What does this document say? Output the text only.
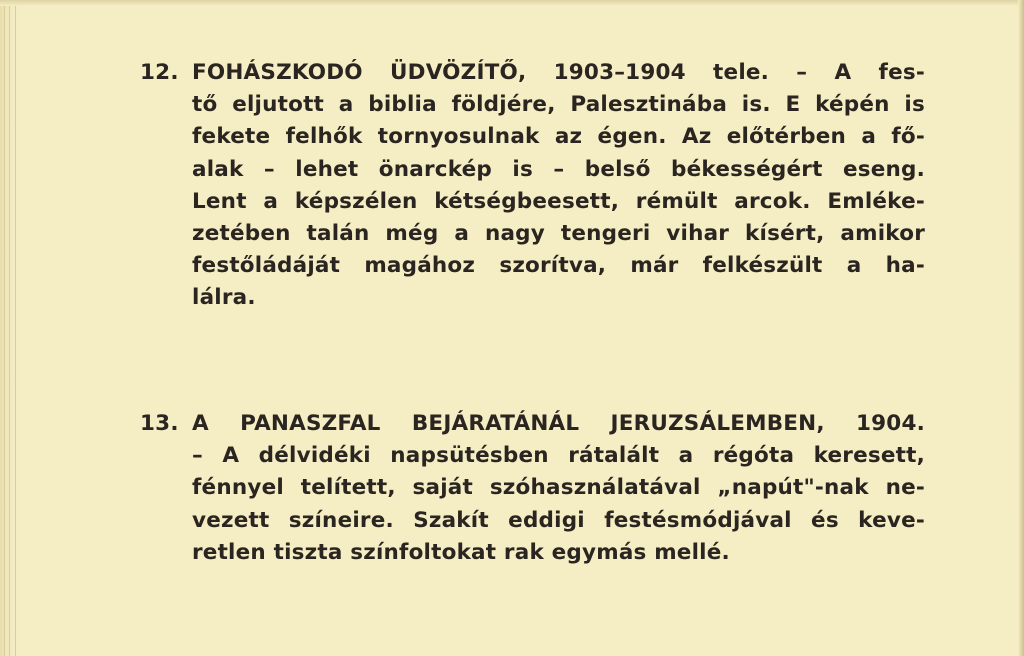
12. FOHÁSZKODÓ ÜDVÖZÍTŐ, 1903–1904 tele. – A fes-
tő eljutott a biblia földjére, Palesztinába is. E képén is
fekete felhők tornyosulnak az égen. Az előtérben a fő-
alak – lehet önarckép is – belső békességért eseng.
Lent a képszélen kétségbeesett, rémült arcok. Emléke-
zetében talán még a nagy tengeri vihar kísért, amikor
festőládáját magához szorítva, már felkészült a ha-
lálra.
13. A PANASZFAL BEJÁRATÁNÁL JERUZSÁLEMBEN, 1904.
– A délvidéki napsütésben rátalált a régóta keresett,
fénnyel telített, saját szóhasználatával „napút"-nak ne-
vezett színeire. Szakít eddigi festésmódjával és keve-
retlen tiszta színfoltokat rak egymás mellé.
